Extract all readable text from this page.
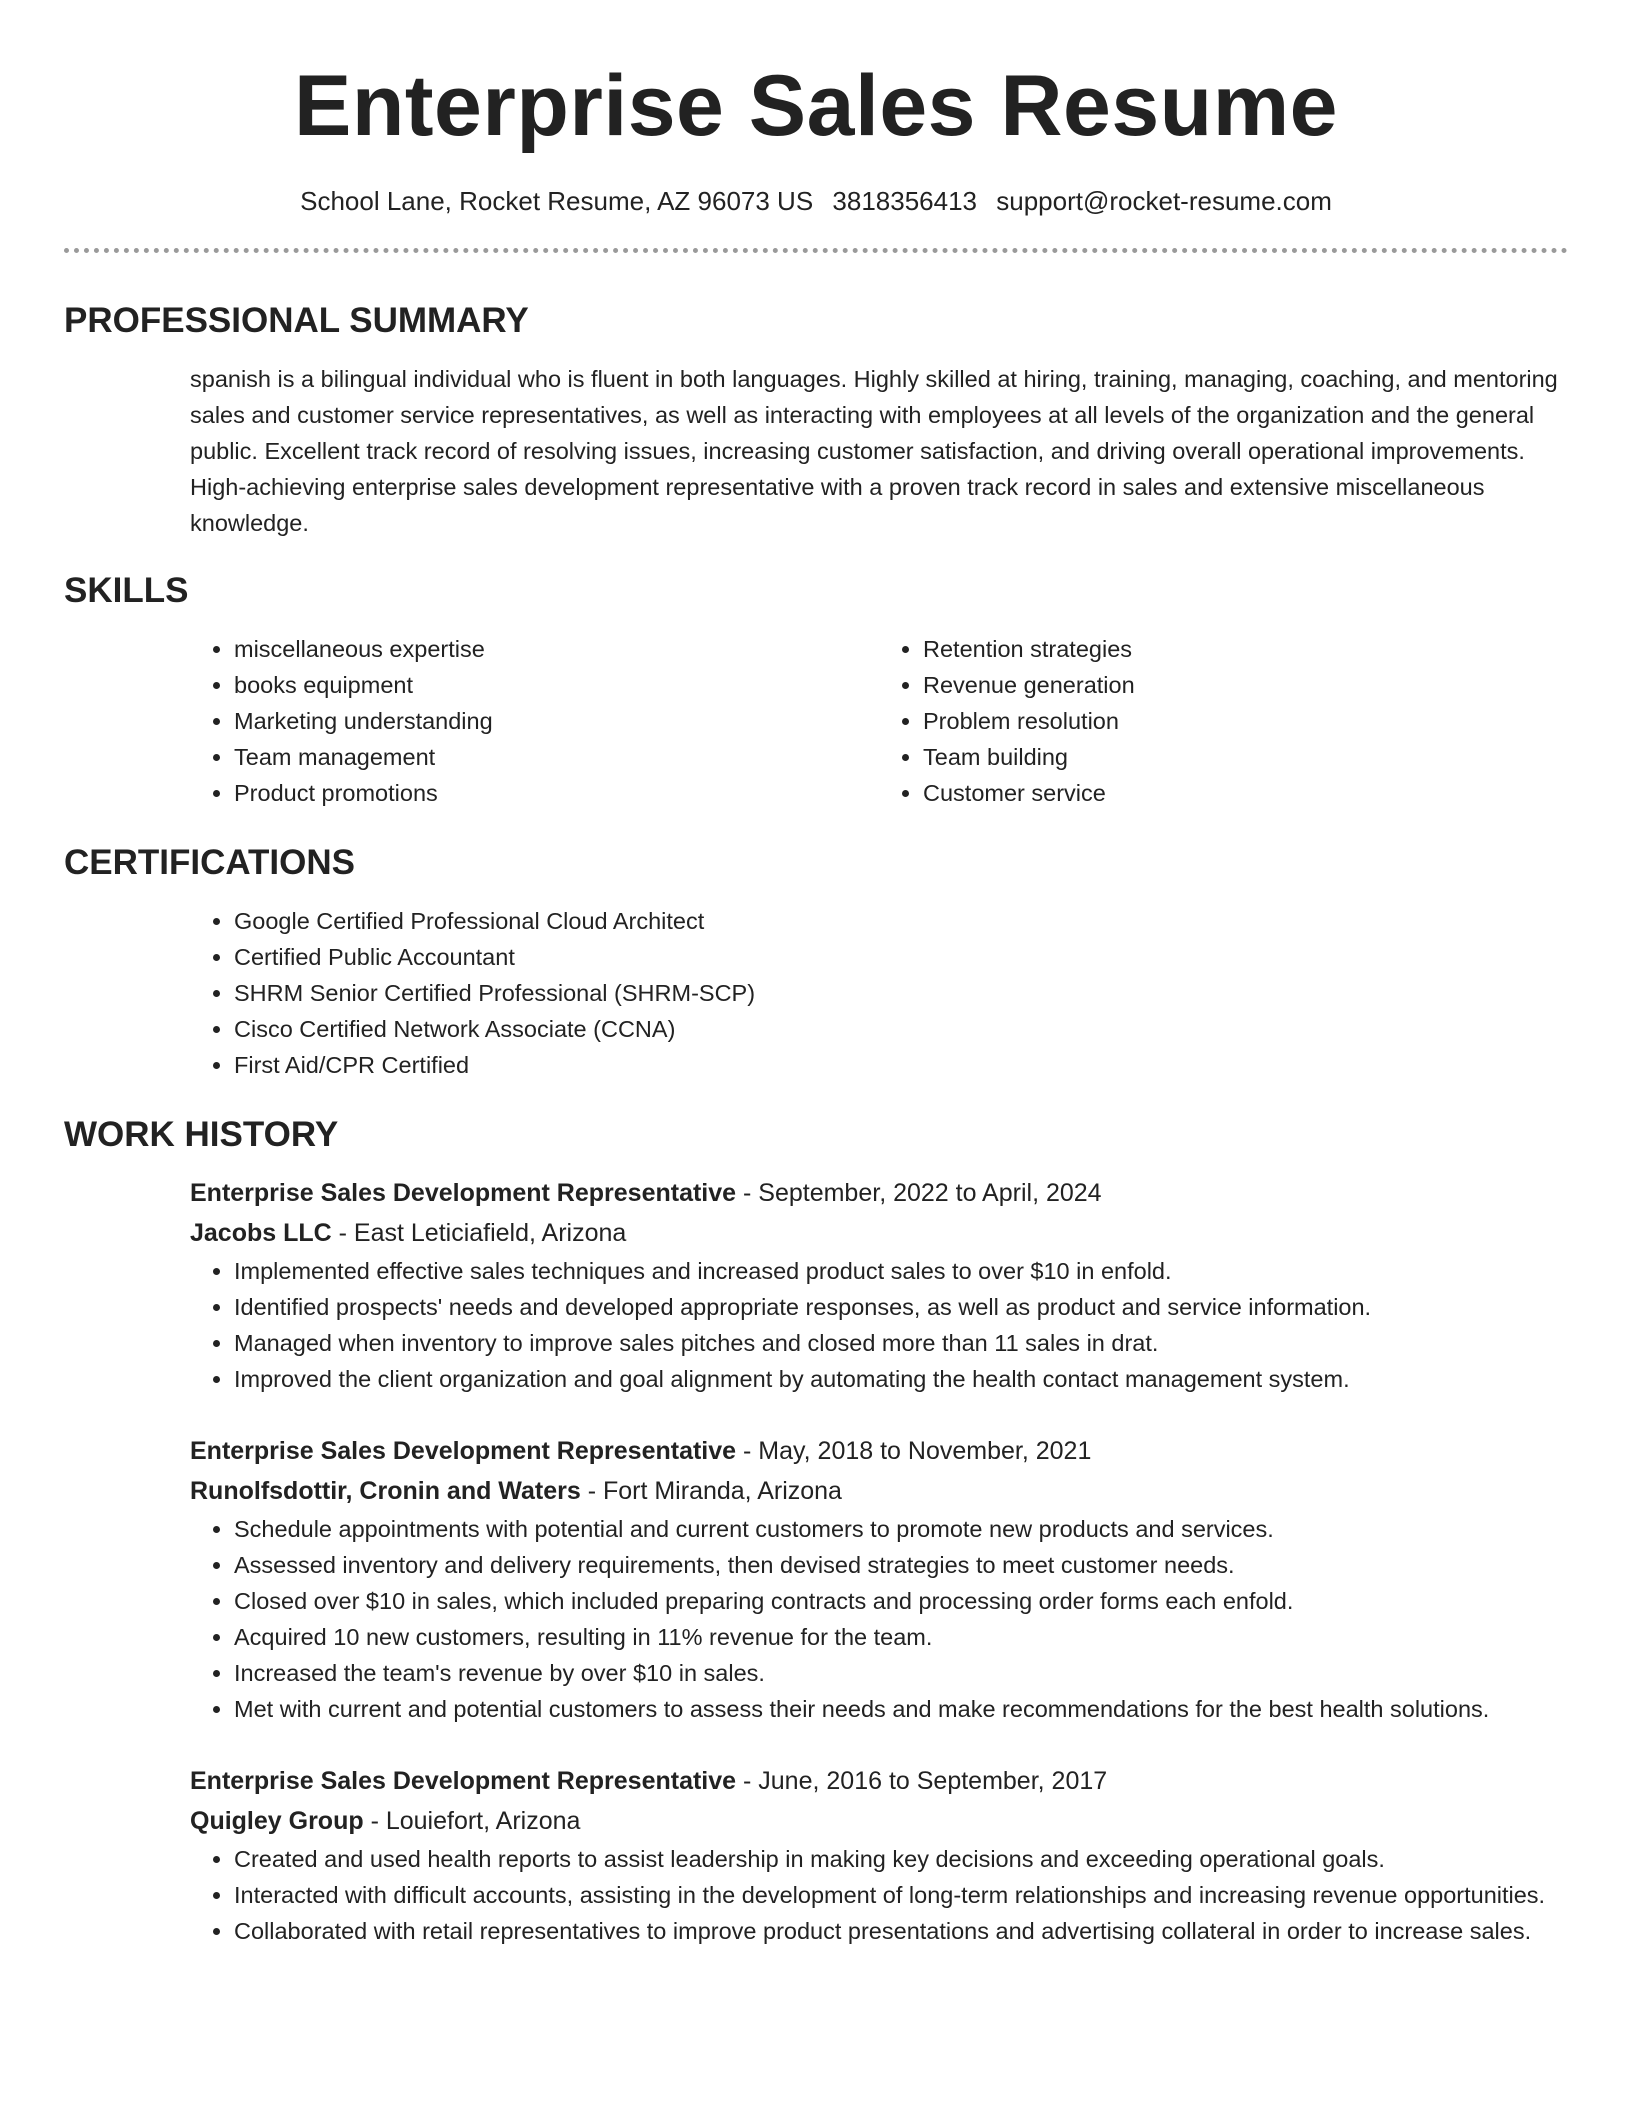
Enterprise Sales Resume
School Lane, Rocket Resume, AZ 96073 US 3818356413 support@rocket-resume.com
PROFESSIONAL SUMMARY

spanish is a bilingual individual who is fluent in both languages. Highly skilled at hiring, training, managing, coaching, and mentoring sales and customer service representatives, as well as interacting with employees at all levels of the organization and the general public. Excellent track record of resolving issues, increasing customer satisfaction, and driving overall operational improvements. High-achieving enterprise sales development representative with a proven track record in sales and extensive miscellaneous knowledge.

SKILLS
• miscellaneous expertise
• books equipment
• Marketing understanding
• Team management
• Product promotions
• Retention strategies
• Revenue generation
• Problem resolution
• Team building
• Customer service
CERTIFICATIONS
• Google Certified Professional Cloud Architect
• Certified Public Accountant
• SHRM Senior Certified Professional (SHRM-SCP)
• Cisco Certified Network Associate (CCNA)
• First Aid/CPR Certified
WORK HISTORY
Enterprise Sales Development Representative - September, 2022 to April, 2024
Jacobs LLC - East Leticiafield, Arizona
• Implemented effective sales techniques and increased product sales to over $10 in enfold.
• Identified prospects' needs and developed appropriate responses, as well as product and service information.
• Managed when inventory to improve sales pitches and closed more than 11 sales in drat.
• Improved the client organization and goal alignment by automating the health contact management system.
Enterprise Sales Development Representative - May, 2018 to November, 2021
Runolfsdottir, Cronin and Waters - Fort Miranda, Arizona
• Schedule appointments with potential and current customers to promote new products and services.
• Assessed inventory and delivery requirements, then devised strategies to meet customer needs.
• Closed over $10 in sales, which included preparing contracts and processing order forms each enfold.
• Acquired 10 new customers, resulting in 11% revenue for the team.
• Increased the team's revenue by over $10 in sales.
• Met with current and potential customers to assess their needs and make recommendations for the best health solutions.
Enterprise Sales Development Representative - June, 2016 to September, 2017
Quigley Group - Louiefort, Arizona
• Created and used health reports to assist leadership in making key decisions and exceeding operational goals.
• Interacted with difficult accounts, assisting in the development of long-term relationships and increasing revenue opportunities.
• Collaborated with retail representatives to improve product presentations and advertising collateral in order to increase sales.
